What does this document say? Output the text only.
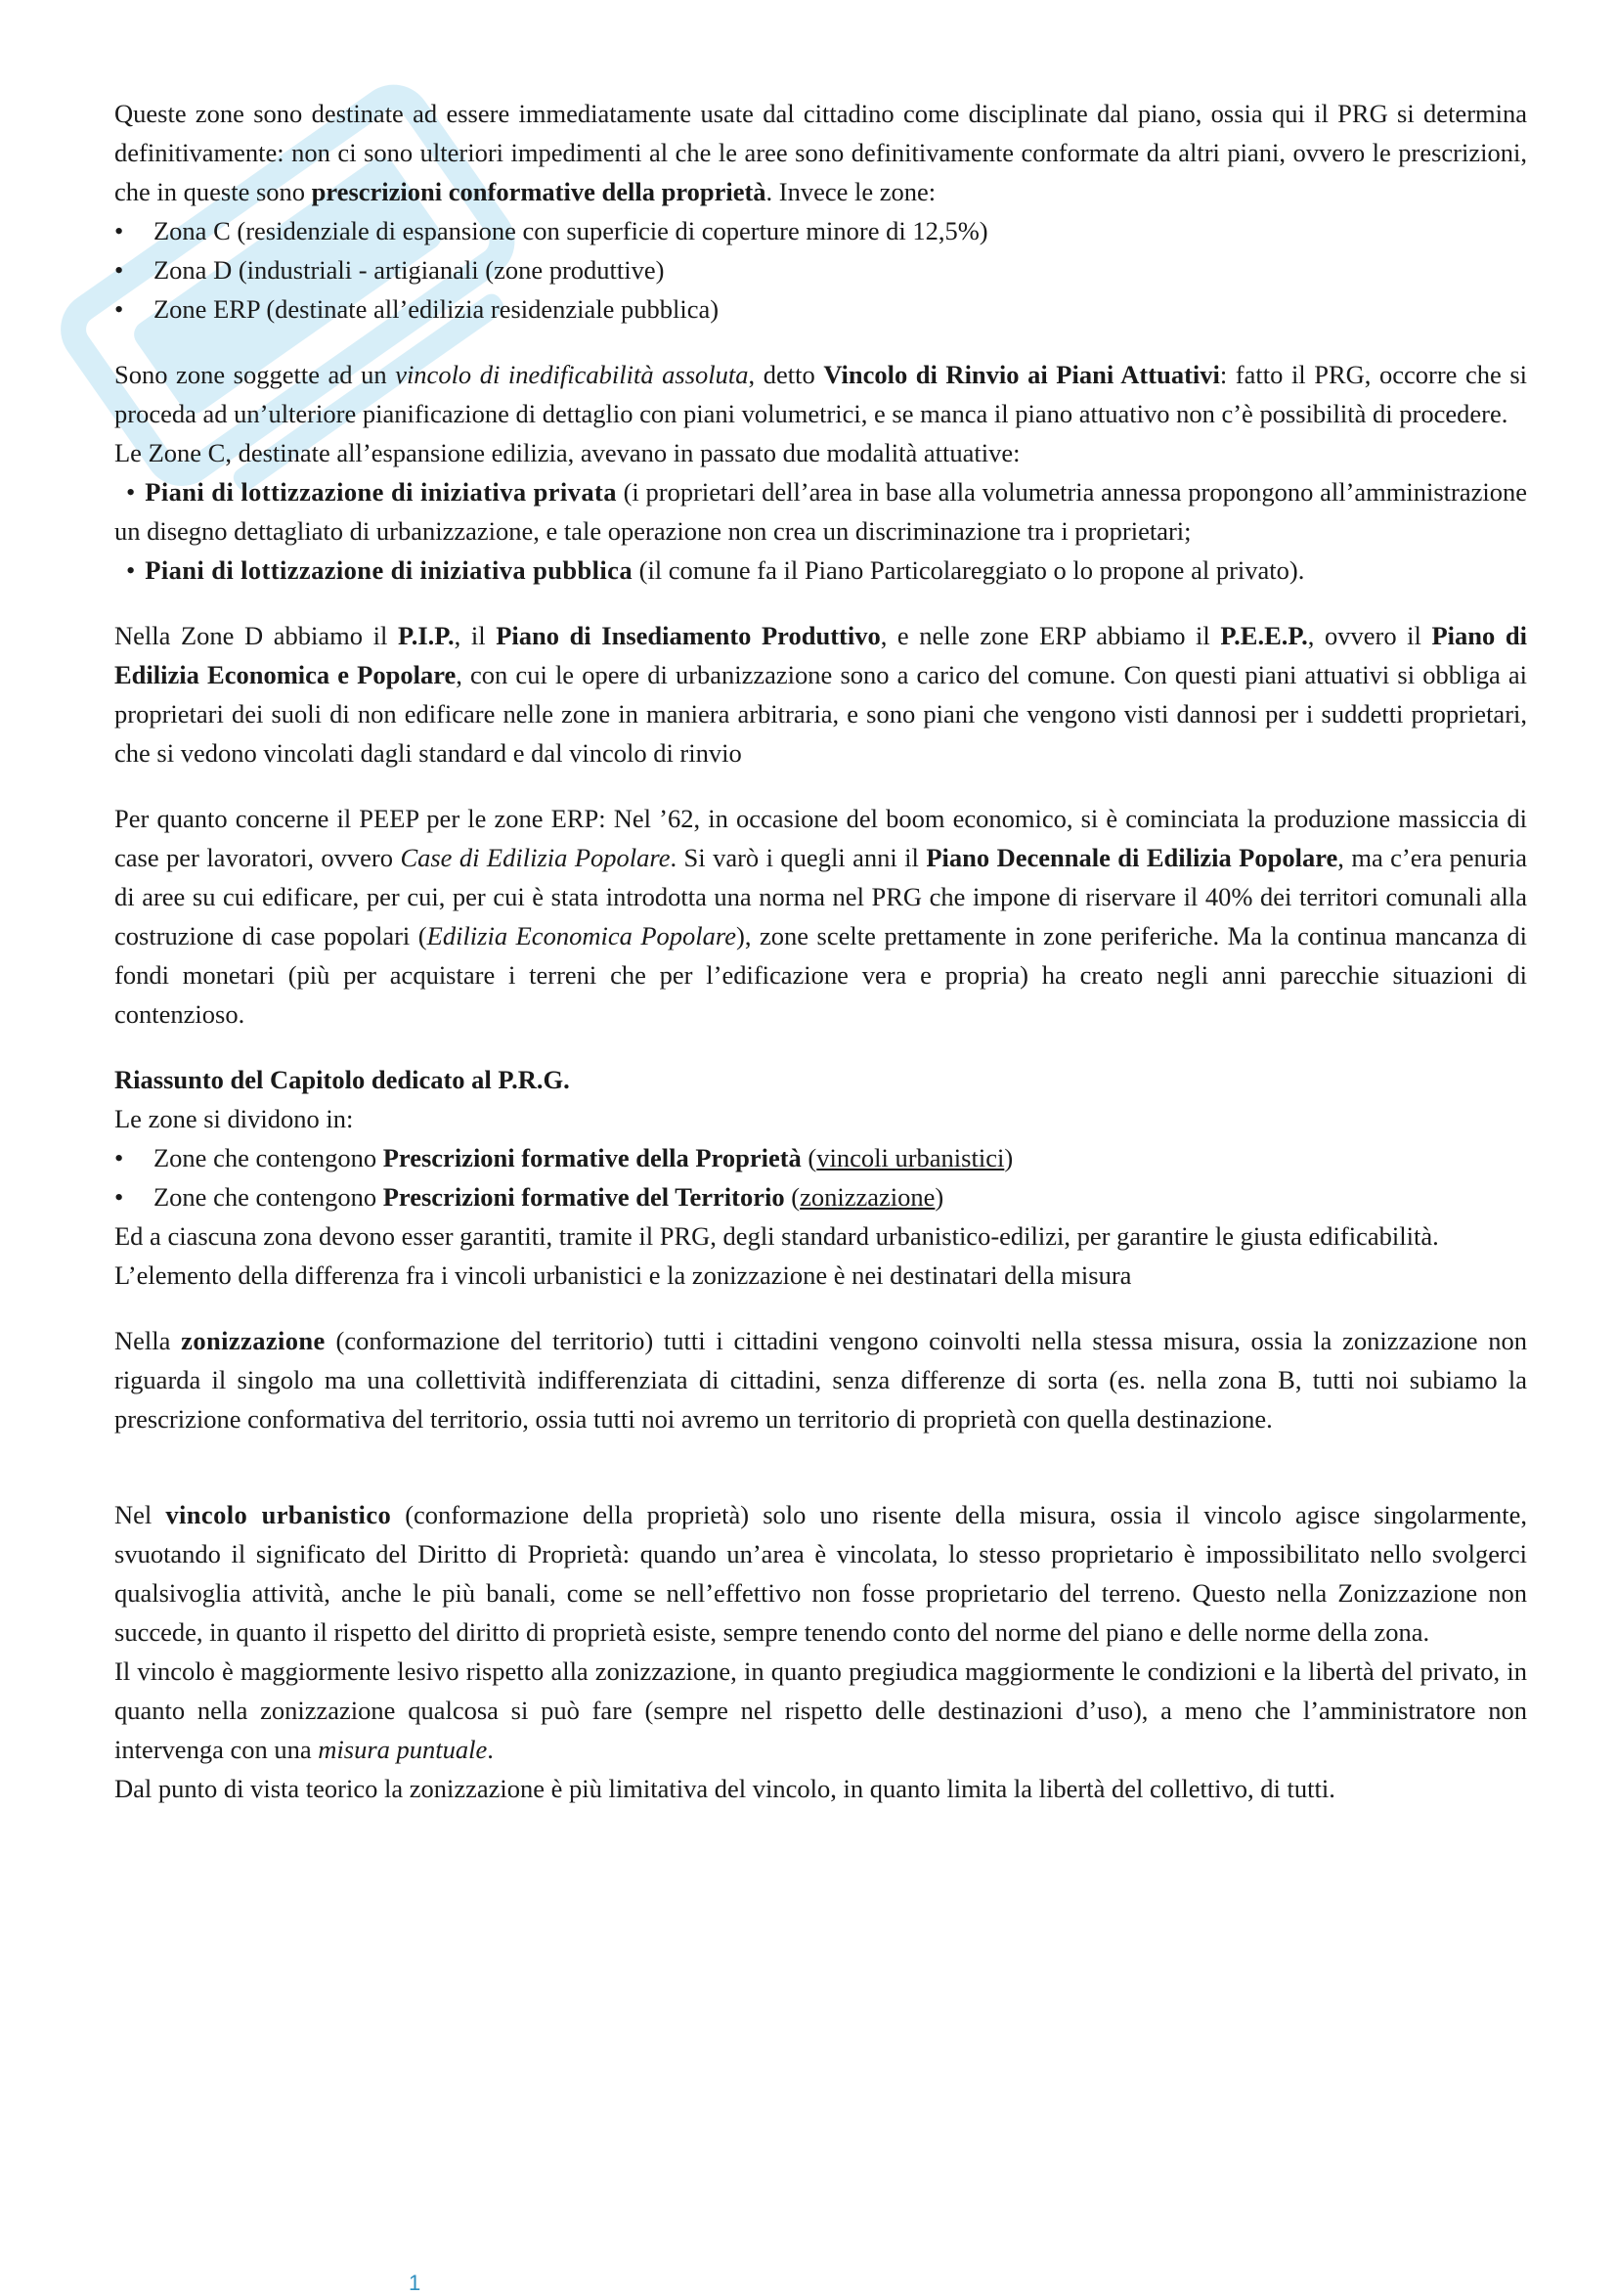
Queste zone sono destinate ad essere immediatamente usate dal cittadino come disciplinate dal piano, ossia qui il PRG si determina definitivamente: non ci sono ulteriori impedimenti al che le aree sono definitivamente conformate da altri piani, ovvero le prescrizioni, che in queste sono prescrizioni conformative della proprietà. Invece le zone:

• Zona C (residenziale di espansione con superficie di coperture minore di 12,5%)
• Zona D (industriali - artigianali (zone produttive)
• Zone ERP (destinate all’edilizia residenziale pubblica)

Sono zone soggette ad un vincolo di inedificabilità assoluta, detto Vincolo di Rinvio ai Piani Attuativi: fatto il PRG, occorre che si proceda ad un’ulteriore pianificazione di dettaglio con piani volumetrici, e se manca il piano attuativo non c’è possibilità di procedere.

Le Zone C, destinate all’espansione edilizia, avevano in passato due modalità attuative:

• Piani di lottizzazione di iniziativa privata (i proprietari dell’area in base alla volumetria annessa propongono all’amministrazione un disegno dettagliato di urbanizzazione, e tale operazione non crea un discriminazione tra i proprietari;
• Piani di lottizzazione di iniziativa pubblica (il comune fa il Piano Particolareggiato o lo propone al privato).

Nella Zone D abbiamo il P.I.P., il Piano di Insediamento Produttivo, e nelle zone ERP abbiamo il P.E.E.P., ovvero il Piano di Edilizia Economica e Popolare, con cui le opere di urbanizzazione sono a carico del comune. Con questi piani attuativi si obbliga ai proprietari dei suoli di non edificare nelle zone in maniera arbitraria, e sono piani che vengono visti dannosi per i suddetti proprietari, che si vedono vincolati dagli standard e dal vincolo di rinvio

Per quanto concerne il PEEP per le zone ERP: Nel ’62, in occasione del boom economico, si è cominciata la produzione massiccia di case per lavoratori, ovvero Case di Edilizia Popolare. Si varò i quegli anni il Piano Decennale di Edilizia Popolare, ma c’era penuria di aree su cui edificare, per cui, per cui è stata introdotta una norma nel PRG che impone di riservare il 40% dei territori comunali alla costruzione di case popolari (Edilizia Economica Popolare), zone scelte prettamente in zone periferiche. Ma la continua mancanza di fondi monetari (più per acquistare i terreni che per l’edificazione vera e propria) ha creato negli anni parecchie situazioni di contenzioso.

Riassunto del Capitolo dedicato al P.R.G.

Le zone si dividono in:

• Zone che contengono Prescrizioni formative della Proprietà (vincoli urbanistici)
• Zone che contengono Prescrizioni formative del Territorio (zonizzazione)

Ed a ciascuna zona devono esser garantiti, tramite il PRG, degli standard urbanistico-edilizi, per garantire le giusta edificabilità.

L’elemento della differenza fra i vincoli urbanistici e la zonizzazione è nei destinatari della misura

Nella zonizzazione (conformazione del territorio) tutti i cittadini vengono coinvolti nella stessa misura, ossia la zonizzazione non riguarda il singolo ma una collettività indifferenziata di cittadini, senza differenze di sorta (es. nella zona B, tutti noi subiamo la prescrizione conformativa del territorio, ossia tutti noi avremo un territorio di proprietà con quella destinazione.

Nel vincolo urbanistico (conformazione della proprietà) solo uno risente della misura, ossia il vincolo agisce singolarmente, svuotando il significato del Diritto di Proprietà: quando un’area è vincolata, lo stesso proprietario è impossibilitato nello svolgerci qualsivoglia attività, anche le più banali, come se nell’effettivo non fosse proprietario del terreno. Questo nella Zonizzazione non succede, in quanto il rispetto del diritto di proprietà esiste, sempre tenendo conto del norme del piano e delle norme della zona.

Il vincolo è maggiormente lesivo rispetto alla zonizzazione, in quanto pregiudica maggiormente le condizioni e la libertà del privato, in quanto nella zonizzazione qualcosa si può fare (sempre nel rispetto delle destinazioni d’uso), a meno che l’amministratore non intervenga con una misura puntuale.

Dal punto di vista teorico la zonizzazione è più limitativa del vincolo, in quanto limita la libertà del collettivo, di tutti.

1
